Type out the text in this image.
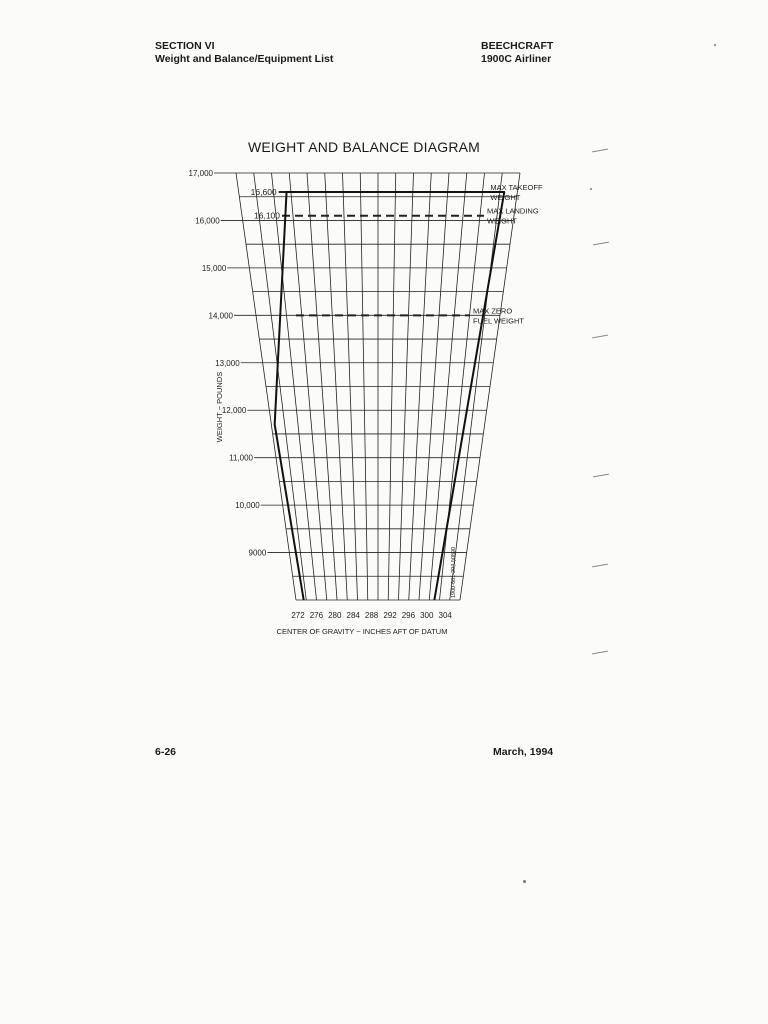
SECTION VI
Weight and Balance/Equipment List
BEECHCRAFT
1900C Airliner
WEIGHT AND BALANCE DIAGRAM
9000
10,000
11,000
12,000
13,000
14,000
15,000
16,000
17,000
272 276 280 284 288 292 296 300 304
CENTER OF GRAVITY ~ INCHES AFT OF DATUM
WEIGHT ~ POUNDS
16,600	MAX TAKEOFF
WEIGHT
16,100	MAX LANDING
WEIGHT
MAX ZERO
FUEL WEIGHT
1900-601-20(U)0890
6-26	March, 1994
